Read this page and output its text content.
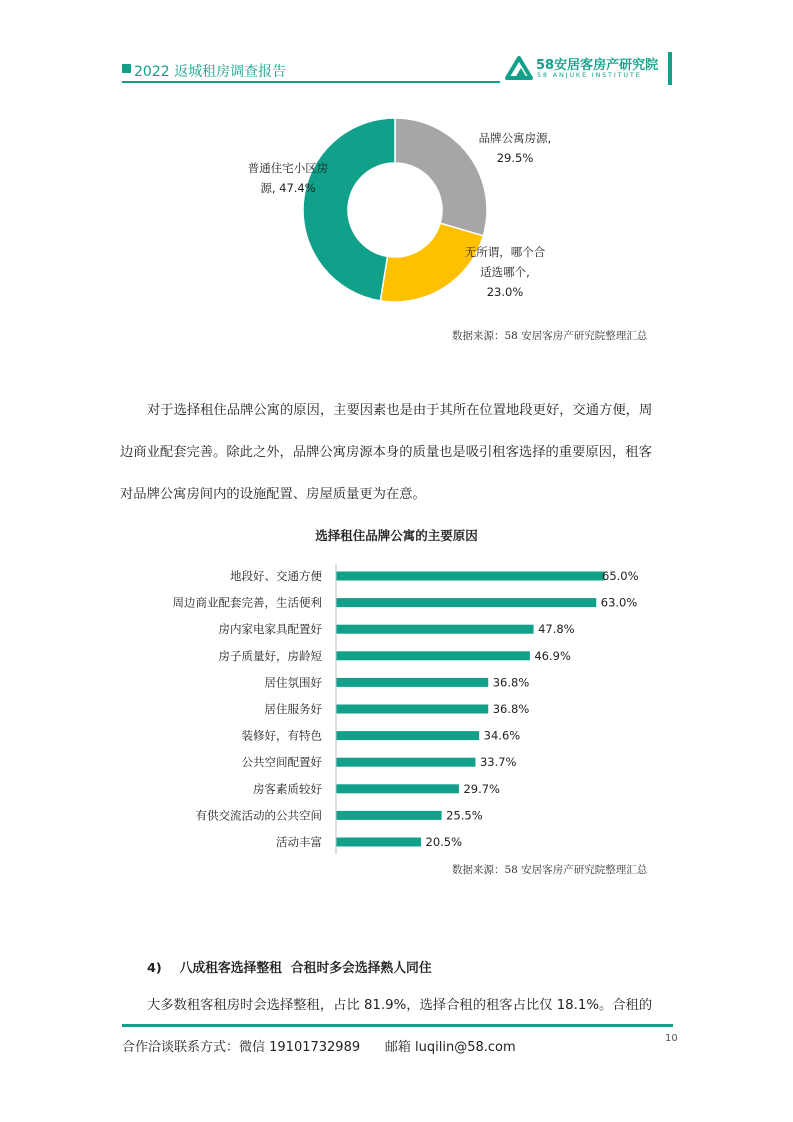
2022 返城租房调查报告	58安居客房产研究院
58 ANJUKE INSTITUTE
品牌公寓房源,
29.5%
无所谓，哪个合
适选哪个,
23.0%
普通住宅小区房
源, 47.4%
数据来源：58 安居客房产研究院整理汇总
对于选择租住品牌公寓的原因，主要因素也是由于其所在位置地段更好，交通方便，周
边商业配套完善。除此之外，品牌公寓房源本身的质量也是吸引租客选择的重要原因，租客
对品牌公寓房间内的设施配置、房屋质量更为在意。
选择租住品牌公寓的主要原因
地段好、交通方便	65.0%
周边商业配套完善，生活便利	63.0%
房内家电家具配置好	47.8%
房子质量好，房龄短	46.9%
居住氛围好	36.8%
居住服务好	36.8%
装修好，有特色	34.6%
公共空间配置好	33.7%
房客素质较好	29.7%
有供交流活动的公共空间	25.5%
活动丰富	20.5%
数据来源：58 安居客房产研究院整理汇总
4)    八成租客选择整租  合租时多会选择熟人同住
大多数租客租房时会选择整租，占比 81.9%，选择合租的租客占比仅 18.1%。合租的
合作洽谈联系方式：微信 19101732989      邮箱 luqilin@58.com
10
